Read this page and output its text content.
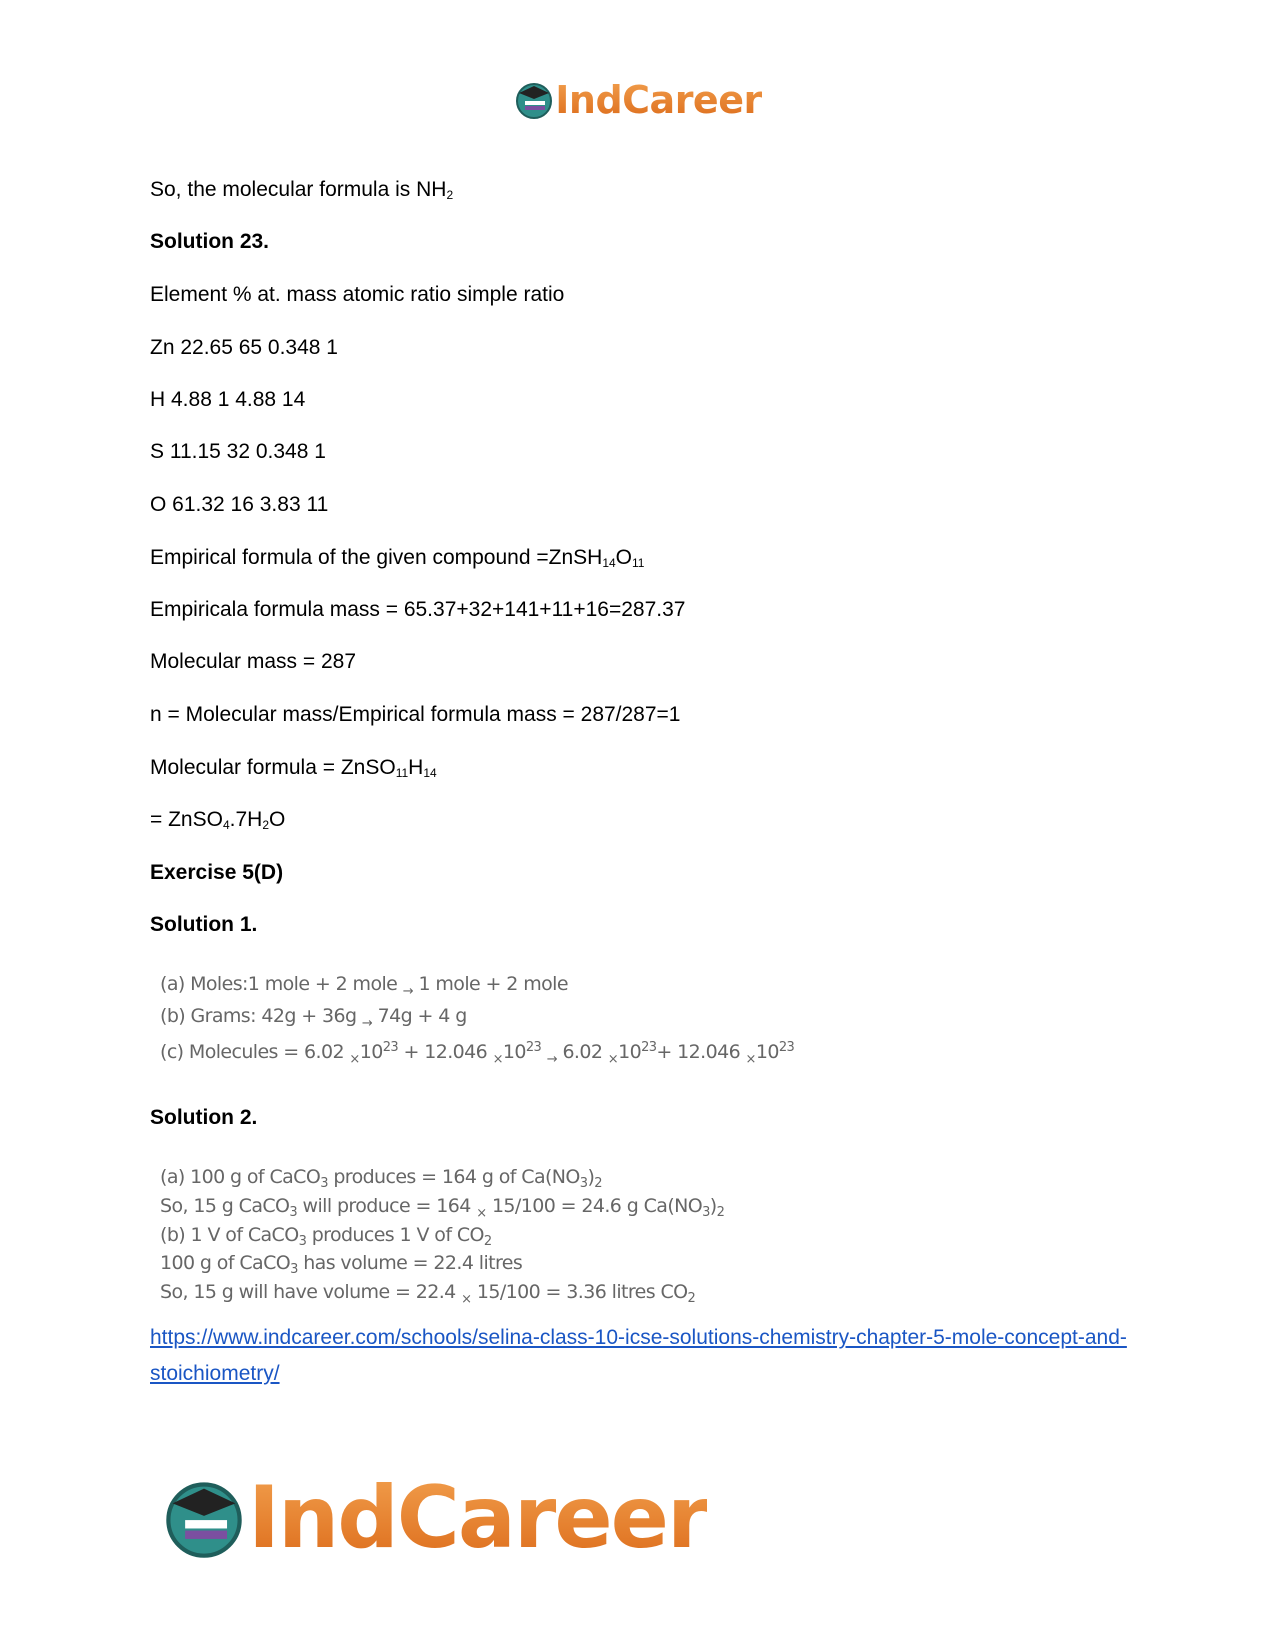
IndCareer

So, the molecular formula is $NH_2$

Solution 23.

Element % at. mass atomic ratio simple ratio

Zn 22.65 65 0.348 1

H 4.88 1 4.88 14

S 11.15 32 0.348 1

O 61.32 16 3.83 11

Empirical formula of the given compound $=ZnSH_{14}O_{11}$

Empiricala formula mass = 65.37+32+141+11+16=287.37

Molecular mass = 287

n = Molecular mass/Empirical formula mass = 287/287=1

Molecular formula = $ZnSO_{11}H_{14}$

= $ZnSO_4.7H_2O$

Exercise 5(D)

Solution 1.

(a) Moles:1 mole + 2 mole $_\to$ 1 mole + 2 mole
(b) Grams: 42g + 36g $_\to$ 74g + 4 g
(c) Molecules = 6.02 $_\times 10^{23} + 12.046$ $_\times 10^{23}$ $_\to$ 6.02 $_\times 10^{23}+ 12.046$ $_\times 10^{23}$

Solution 2.

(a) 100 g of CaCO$_3$ produces = 164 g of $Ca(NO_3)_2$
So, 15 g CaCO$_3$ will produce = 164 $_\times$ 15/100 = 24.6 g $Ca(NO_3)_2$
(b) 1 V of CaCO$_3$ produces 1 V of $CO_2$
100 g of CaCO$_3$ has volume = 22.4 litres
So, 15 g will have volume = 22.4 $_\times$ 15/100 = 3.36 litres $CO_2$
https://www.indcareer.com/schools/selina-class-10-icse-solutions-chemistry-chapter-5-mole-concept-and-stoichiometry/
IndCareer
